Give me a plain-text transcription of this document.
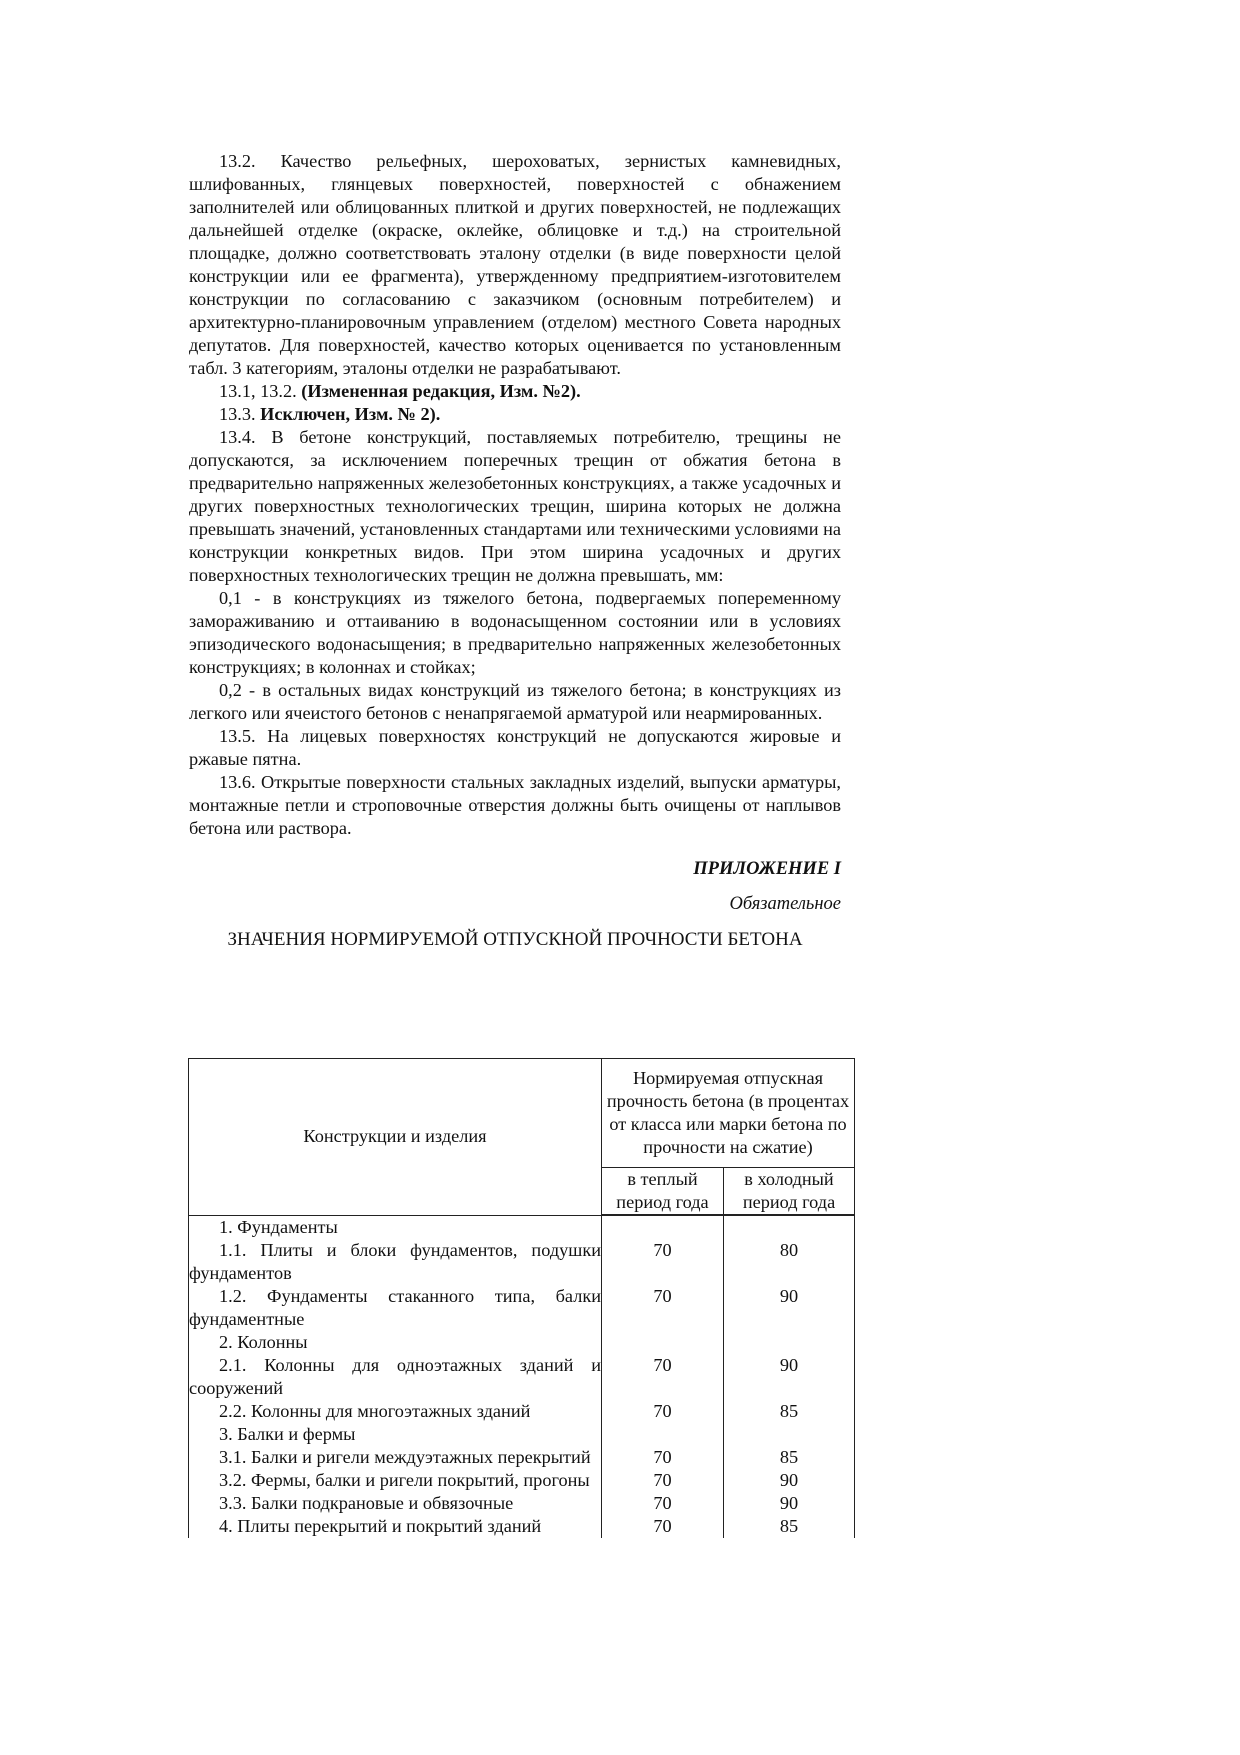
13.2. Качество рельефных, шероховатых, зернистых камневидных, шлифованных, глянцевых поверхностей, поверхностей с обнажением заполнителей или облицованных плиткой и других поверхностей, не подлежащих дальнейшей отделке (окраске, оклейке, облицовке и т.д.) на строительной площадке, должно соответствовать эталону отделки (в виде поверхности целой конструкции или ее фрагмента), утвержденному предприятием-изготовителем конструкции по согласованию с заказчиком (основным потребителем) и архитектурно-планировочным управлением (отделом) местного Совета народных депутатов. Для поверхностей, качество которых оценивается по установленным табл. 3 категориям, эталоны отделки не разрабатывают.

13.1, 13.2. (Измененная редакция, Изм. №2).

13.3. Исключен, Изм. № 2).

13.4. В бетоне конструкций, поставляемых потребителю, трещины не допускаются, за исключением поперечных трещин от обжатия бетона в предварительно напряженных железобетонных конструкциях, а также усадочных и других поверхностных технологических трещин, ширина которых не должна превышать значений, установленных стандартами или техническими условиями на конструкции конкретных видов. При этом ширина усадочных и других поверхностных технологических трещин не должна превышать, мм:

0,1 - в конструкциях из тяжелого бетона, подвергаемых попеременному замораживанию и оттаиванию в водонасыщенном состоянии или в условиях эпизодического водонасыщения; в предварительно напряженных железобетонных конструкциях; в колоннах и стойках;

0,2 - в остальных видах конструкций из тяжелого бетона; в конструкциях из легкого или ячеистого бетонов с ненапрягаемой арматурой или неармированных.

13.5. На лицевых поверхностях конструкций не допускаются жировые и ржавые пятна.

13.6. Открытые поверхности стальных закладных изделий, выпуски арматуры, монтажные петли и строповочные отверстия должны быть очищены от наплывов бетона или раствора.

ПРИЛОЖЕНИЕ I

Обязательное

ЗНАЧЕНИЯ НОРМИРУЕМОЙ ОТПУСКНОЙ ПРОЧНОСТИ БЕТОНА

Конструкции и изделия	Нормируемая отпускная прочность бетона (в процентах от класса или марки бетона по прочности на сжатие)	
	в теплый период года	в холодный период года
1. Фундаменты		
1.1. Плиты и блоки фундаментов, подушки фундаментов	70	80
1.2. Фундаменты стаканного типа, балки фундаментные	70	90
2. Колонны		
2.1. Колонны для одноэтажных зданий и сооружений	70	90
2.2. Колонны для многоэтажных зданий	70	85
3. Балки и фермы		
3.1. Балки и ригели междуэтажных перекрытий	70	85
3.2. Фермы, балки и ригели покрытий, прогоны	70	90
3.3. Балки подкрановые и обвязочные	70	90
4. Плиты перекрытий и покрытий зданий	70	85
